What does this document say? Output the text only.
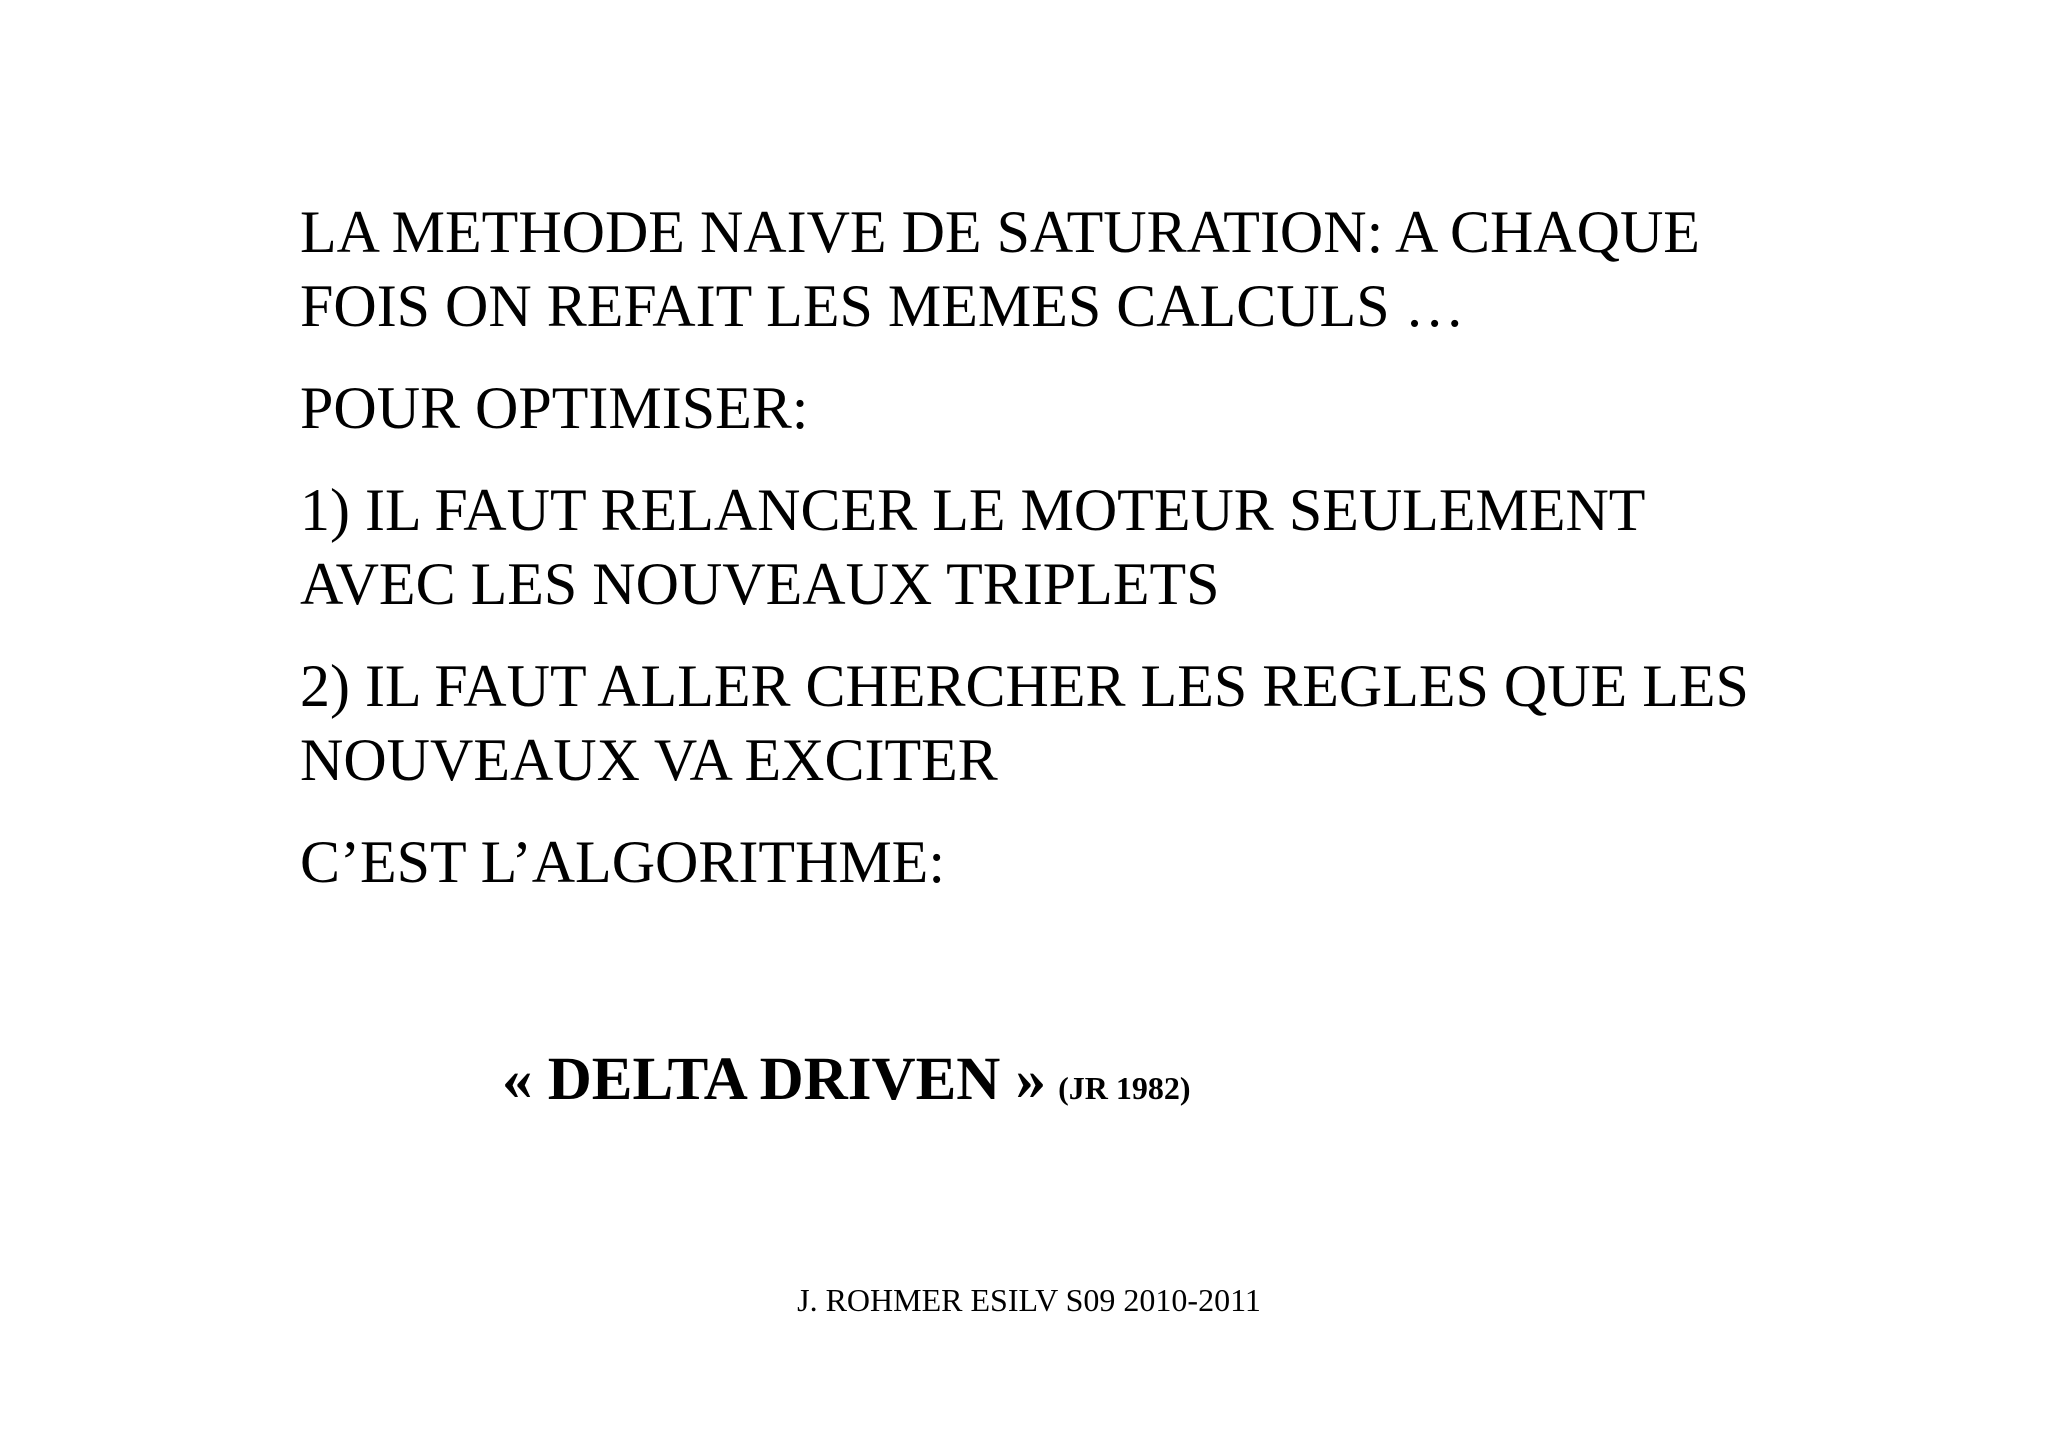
LA METHODE NAIVE DE SATURATION: A CHAQUE

FOIS ON REFAIT LES MEMES CALCULS …

POUR OPTIMISER:

1) IL FAUT RELANCER LE MOTEUR SEULEMENT

AVEC LES NOUVEAUX TRIPLETS

2) IL FAUT ALLER CHERCHER LES REGLES QUE LES

NOUVEAUX VA EXCITER

C’EST L’ALGORITHME:

« DELTA DRIVEN » (JR 1982)
J. ROHMER ESILV S09 2010-2011
